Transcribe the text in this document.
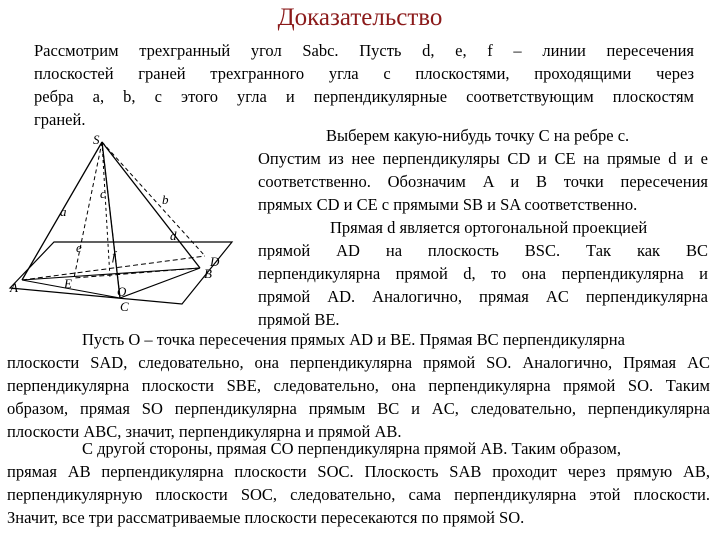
Доказательство
Рассмотрим трехгранный угол Sabc. Пусть d, e, f – линии пересечения
плоскостей граней трехгранного угла с плоскостями, проходящими через
ребра a, b, c этого угла и перпендикулярные соответствующим плоскостям
граней.
Выберем какую-нибудь точку C на ребре c.
Опустим из нее перпендикуляры CD и CE на прямые d и e
соответственно. Обозначим A и B точки пересечения
прямых CD и CE с прямыми SB и SA соответственно.
Прямая d является ортогональной проекцией
прямой AD на плоскость BSC. Так как BC
перпендикулярна прямой d, то она перпендикулярна и
прямой AD. Аналогично, прямая AC перпендикулярна
прямой BE.
Пусть O – точка пересечения прямых AD и BE. Прямая BC перпендикулярна
плоскости SAD, следовательно, она перпендикулярна прямой SO. Аналогично, Прямая AC
перпендикулярна плоскости SBE, следовательно, она перпендикулярна прямой SO. Таким
образом, прямая SO перпендикулярна прямым BC и AC, следовательно, перпендикулярна
плоскости ABC, значит, перпендикулярна и прямой AB.
С другой стороны, прямая CO перпендикулярна прямой AB. Таким образом,
прямая AB перпендикулярна плоскости SOC. Плоскость SAB проходит через прямую AB,
перпендикулярную плоскости SOC, следовательно, сама перпендикулярна этой плоскости.
Значит, все три рассматриваемые плоскости пересекаются по прямой SO.
S
a
b
c
d
e
f
A
B
C
D
E
O
